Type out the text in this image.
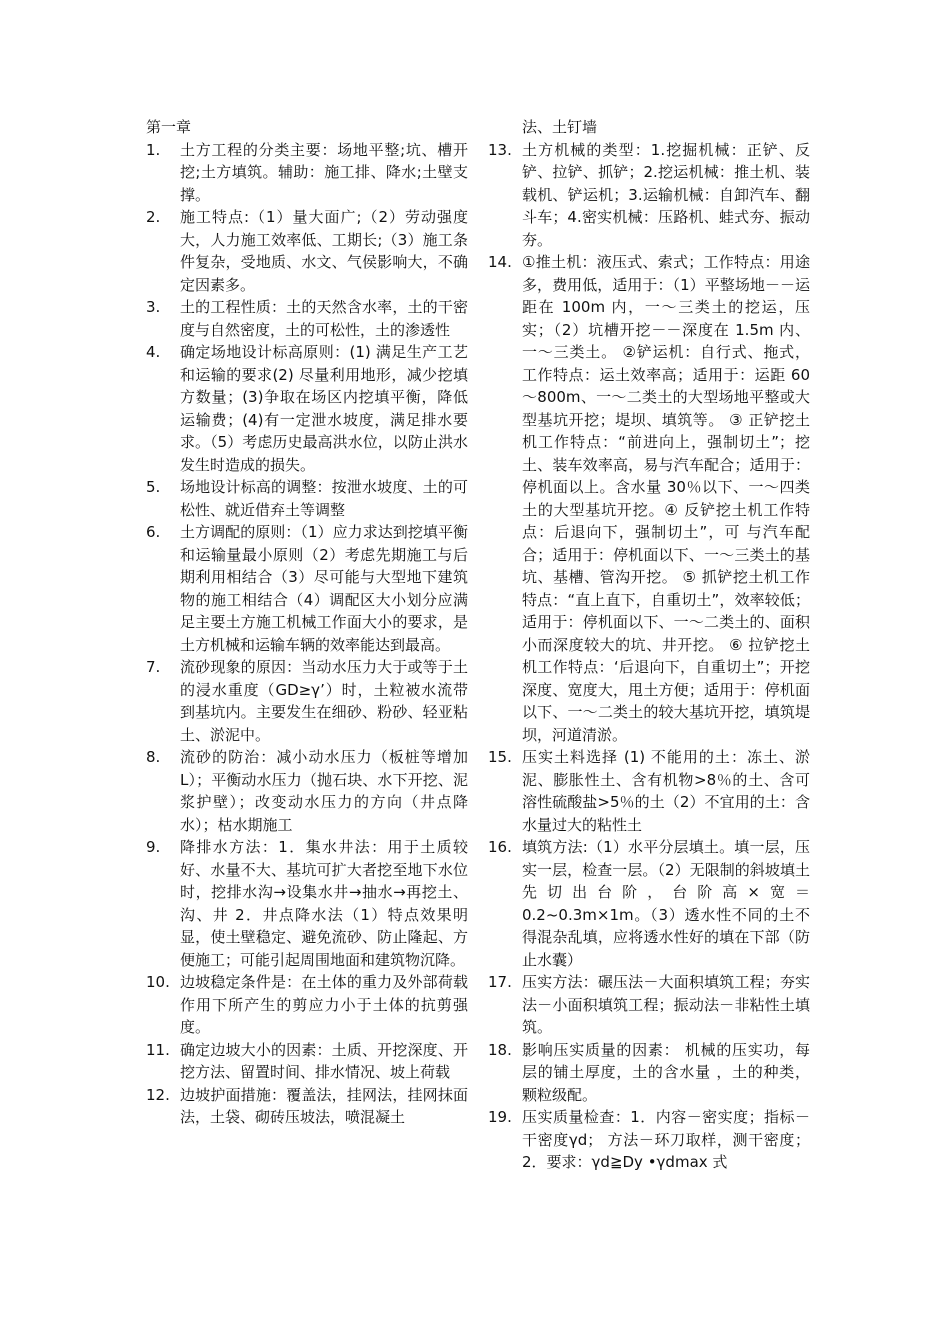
第一章
1.	土方工程的分类主要：场地平整;坑、槽开挖;土方填筑。辅助：施工排、降水;土壁支撑。
2.	施工特点:（1）量大面广;（2）劳动强度大，人力施工效率低、工期长;（3）施工条件复杂，受地质、水文、气侯影响大，不确定因素多。
3.	土的工程性质：土的天然含水率，土的干密度与自然密度，土的可松性，土的渗透性
4.	确定场地设计标高原则：(1) 满足生产工艺和运输的要求(2) 尽量利用地形，减少挖填方数量；(3)争取在场区内挖填平衡，降低运输费；(4)有一定泄水坡度，满足排水要求。（5）考虑历史最高洪水位，以防止洪水发生时造成的损失。
5.	场地设计标高的调整：按泄水坡度、土的可松性、就近借弃土等调整
6.	土方调配的原则：（1）应力求达到挖填平衡和运输量最小原则（2）考虑先期施工与后期利用相结合（3）尽可能与大型地下建筑物的施工相结合（4）调配区大小划分应满足主要土方施工机械工作面大小的要求，是土方机械和运输车辆的效率能达到最高。
7.	流砂现象的原因：当动水压力大于或等于土的浸水重度（GD≥γ’）时，土粒被水流带到基坑内。主要发生在细砂、粉砂、轻亚粘土、淤泥中。
8.	流砂的防治：减小动水压力（板桩等增加 L）；平衡动水压力（抛石块、水下开挖、泥浆护壁）；改变动水压力的方向（井点降水）；枯水期施工
9.	降排水方法：1．集水井法：用于土质较好、水量不大、基坑可扩大者挖至地下水位时，挖排水沟→设集水井→抽水→再挖土、沟、井 2．井点降水法（1）特点效果明显，使土壁稳定、避免流砂、防止隆起、方便施工；可能引起周围地面和建筑物沉降。
10. 边坡稳定条件是：在土体的重力及外部荷载作用下所产生的剪应力小于土体的抗剪强度。
11. 确定边坡大小的因素：土质、开挖深度、开挖方法、留置时间、排水情况、坡上荷载
12. 边坡护面措施：覆盖法，挂网法，挂网抹面法，土袋、砌砖压坡法，喷混凝土
法、土钉墙
13. 土方机械的类型：1.挖掘机械：正铲、反铲、拉铲、抓铲；2.挖运机械：推土机、装载机、铲运机；3.运输机械：自卸汽车、翻斗车；4.密实机械：压路机、蛙式夯、振动夯。
14. ①推土机：液压式、索式；工作特点：用途多，费用低，适用于：（1）平整场地－－运距在 100m 内，一～三类土的挖运，压实；（2）坑槽开挖－－深度在 1.5m 内、一～三类土。 ②铲运机：自行式、拖式，工作特点：运土效率高；适用于：运距 60～800m、一～二类土的大型场地平整或大型基坑开挖；堤坝、填筑等。 ③ 正铲挖土机工作特点：“前进向上，强制切土”；挖土、装车效率高，易与汽车配合；适用于：停机面以上。含水量 30％以下、一～四类土的大型基坑开挖。④ 反铲挖土机工作特点：后退向下，强制切土”，可 与汽车配合；适用于：停机面以下、一～三类土的基坑、基槽、管沟开挖。 ⑤ 抓铲挖土机工作特点：“直上直下，自重切土”，效率较低；适用于：停机面以下、一～二类土的、面积小而深度较大的坑、井开挖。 ⑥ 拉铲挖土机工作特点：‘后退向下，自重切土”；开挖深度、宽度大，甩土方便；适用于：停机面以下、一～二类土的较大基坑开挖，填筑堤坝，河道清淤。
15. 压实土料选择 (1) 不能用的土：冻土、淤泥、膨胀性土、含有机物>8％的土、含可溶性硫酸盐>5％的土（2）不宜用的土：含水量过大的粘性土
16. 填筑方法:（1）水平分层填土。填一层，压实一层，检查一层。（2）无限制的斜坡填土 先切出台阶，台阶高×宽＝0.2~0.3m×1m。（3）透水性不同的土不得混杂乱填，应将透水性好的填在下部（防止水囊）
17. 压实方法：碾压法－大面积填筑工程；夯实法－小面积填筑工程；振动法－非粘性土填筑。
18. 影响压实质量的因素： 机械的压实功，每层的铺土厚度，土的含水量 ，土的种类，颗粒级配。
19. 压实质量检查：1．内容－密实度；指标－干密度γd； 方法－环刀取样，测干密度；2．要求：γd≧Dy •γdmax 式
